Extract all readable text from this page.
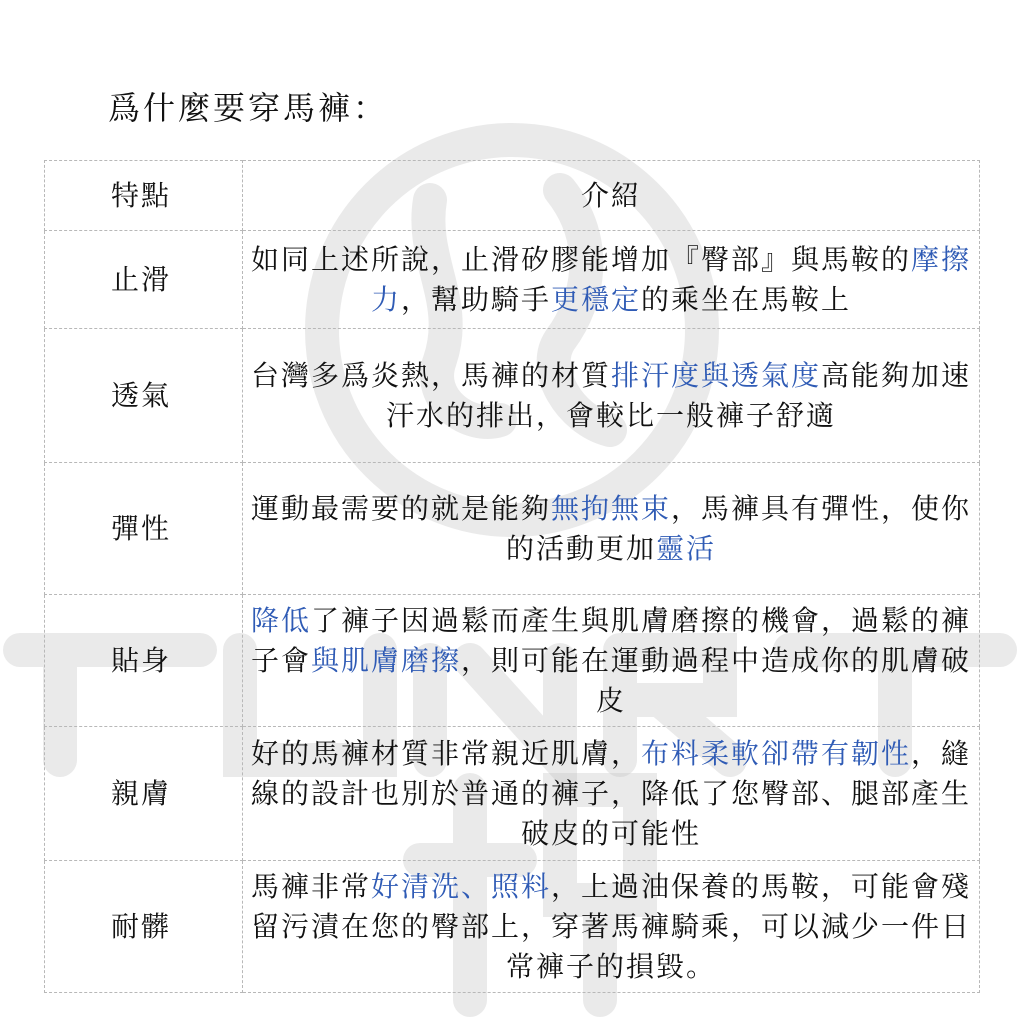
爲什麼要穿馬褲：
特點	介紹
止滑	如同上述所說，止滑矽膠能增加『臀部』與馬鞍的摩擦力，幫助騎手更穩定的乘坐在馬鞍上
透氣	台灣多爲炎熱，馬褲的材質排汗度與透氣度高能夠加速汗水的排出，會較比一般褲子舒適
彈性	運動最需要的就是能夠無拘無束，馬褲具有彈性，使你的活動更加靈活
貼身	降低了褲子因過鬆而產生與肌膚磨擦的機會，過鬆的褲子會與肌膚磨擦，則可能在運動過程中造成你的肌膚破皮
親膚	好的馬褲材質非常親近肌膚，布料柔軟卻帶有韌性，縫線的設計也別於普通的褲子，降低了您臀部、腿部產生破皮的可能性
耐髒	馬褲非常好清洗、照料，上過油保養的馬鞍，可能會殘留污漬在您的臀部上，穿著馬褲騎乘，可以減少一件日常褲子的損毀。
